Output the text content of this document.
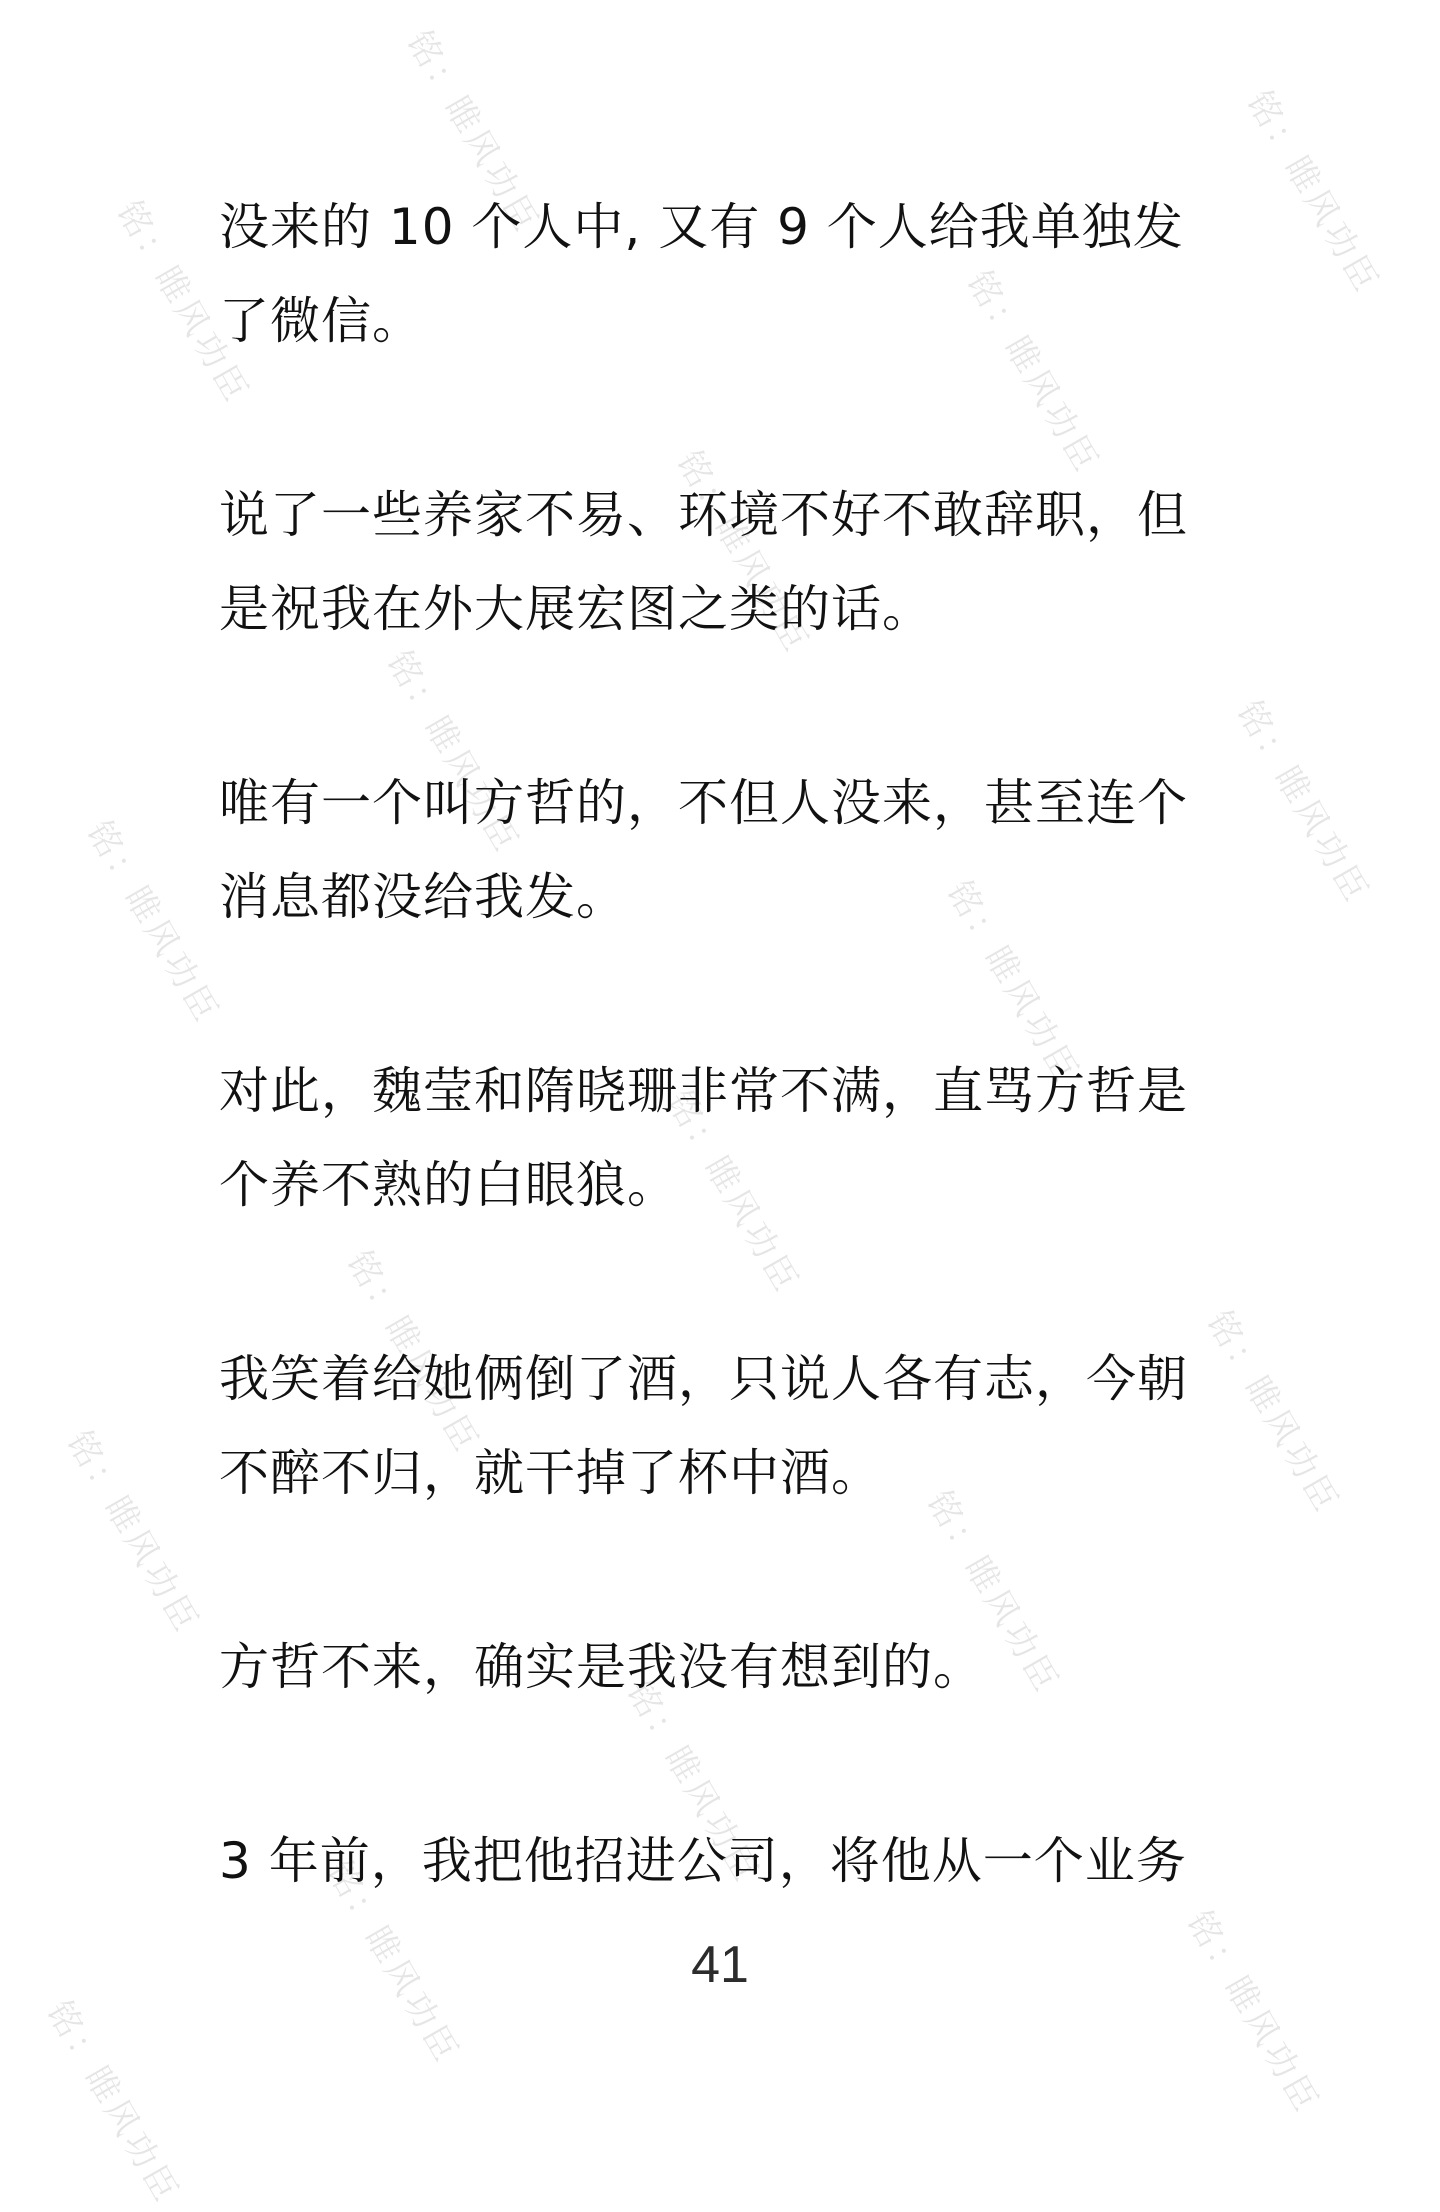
铭：睢风功臣	铭：睢风功臣
铭：睢风功臣	铭：睢风功臣
铭：睢风功臣
铭：睢风功臣	铭：睢风功臣
铭：睢风功臣	铭：睢风功臣
铭：睢风功臣
铭：睢风功臣	铭：睢风功臣
铭：睢风功臣	铭：睢风功臣
铭：睢风功臣
铭：睢风功臣	铭：睢风功臣
铭：睢风功臣

没来的 10 个人中, 又有 9 个人给我单独发了微信。

说了一些养家不易、环境不好不敢辞职，但是祝我在外大展宏图之类的话。

唯有一个叫方哲的，不但人没来，甚至连个消息都没给我发。

对此，魏莹和隋晓珊非常不满，直骂方哲是个养不熟的白眼狼。

我笑着给她俩倒了酒，只说人各有志，今朝不醉不归，就干掉了杯中酒。

方哲不来，确实是我没有想到的。

3 年前，我把他招进公司，将他从一个业务

41
